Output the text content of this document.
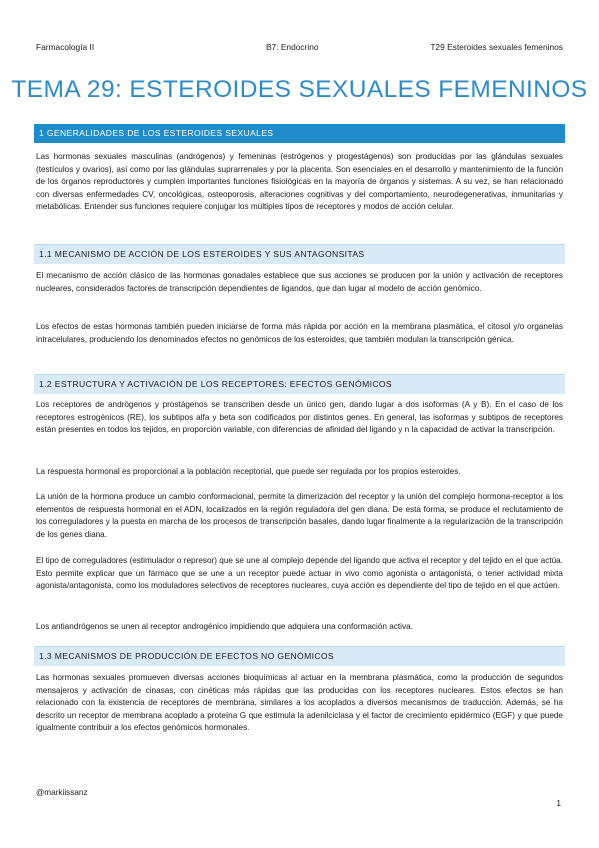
Farmacología II	B7: Endocrino	T29 Esteroides sexuales femeninos
TEMA 29: ESTEROIDES SEXUALES FEMENINOS
1 GENERALIDADES DE LOS ESTEROIDES SEXUALES

Las hormonas sexuales masculinas (andrógenos) y femeninas (estrógenos y progestágenos) son producidas por las glándulas sexuales (testículos y ovarios), así como por las glándulas suprarrenales y por la placenta. Son esenciales en el desarrollo y mantenimiento de la función de los órganos reproductores y cumplen importantes funciones fisiológicas en la mayoría de órganos y sistemas. A su vez, se han relacionado con diversas enfermedades CV, oncológicas, osteoporosis, alteraciones cognitivas y del comportamiento, neurodegenerativas, inmunitarias y metabólicas. Entender sus funciones requiere conjugar los múltiples tipos de receptores y modos de acción celular.

1.1 MECANISMO DE ACCIÓN DE LOS ESTEROIDES Y SUS ANTAGONSITAS

El mecanismo de acción clásico de las hormonas gonadales establece que sus acciones se producen por la unión y activación de receptores nucleares, considerados factores de transcripción dependientes de ligandos, que dan lugar al modelo de acción genómico.

Los efectos de estas hormonas también pueden iniciarse de forma más rápida por acción en la membrana plasmática, el citosol y/o organelas intracelulares, produciendo los denominados efectos no genómicos de los esteroides, que también modulan la transcripción génica.

1.2 ESTRUCTURA Y ACTIVACIÓN DE LOS RECEPTORES: EFECTOS GENÓMICOS

Los receptores de andrógenos y prostágenos se transcriben desde un único gen, dando lugar a dos isoformas (A y B). En el caso de los receptores estrogénicos (RE), los subtipos alfa y beta son codificados por distintos genes. En general, las isoformas y subtipos de receptores están presentes en todos los tejidos, en proporción variable, con diferencias de afinidad del ligando y n la capacidad de activar la transcripción.

La respuesta hormonal es proporcional a la población receptorial, que puede ser regulada por los propios esteroides.

La unión de la hormona produce un cambio conformacional, permite la dimerización del receptor y la unión del complejo hormona-receptor a los elementos de respuesta hormonal en el ADN, localizados en la región reguladora del gen diana. De esta forma, se produce el reclutamiento de los correguladores y la puesta en marcha de los procesos de transcripción basales, dando lugar finalmente a la regularización de la transcripción de los genes diana.

El tipo de correguladores (estimulador o represor) que se une al complejo depende del ligando que activa el receptor y del tejido en el que actúa. Esto permite explicar que un fármaco que se une a un receptor puede actuar in vivo como agonista o antagonista, o tener actividad mixta agonista/antagonista, como los moduladores selectivos de receptores nucleares, cuya acción es dependiente del tipo de tejido en el que actúen.

Los antiandrógenos se unen al receptor androgénico impidiendo que adquiera una conformación activa.

1.3 MECANISMOS DE PRODUCCIÓN DE EFECTOS NO GENÓMICOS

Las hormonas sexuales promueven diversas acciones bioquímicas al actuar en la membrana plasmática, como la producción de segundos mensajeros y activación de cinasas, con cinéticas más rápidas que las producidas con los receptores nucleares. Estos efectos se han relacionado con la existencia de receptores de membrana, similares a los acoplados a diversos mecanismos de traducción. Además, se ha descrito un receptor de membrana acoplado a proteína G que estimula la adenilciclasa y el factor de crecimiento epidérmico (EGF) y que puede igualmente contribuir a los efectos genómicos hormonales.

@markiissanz
1
